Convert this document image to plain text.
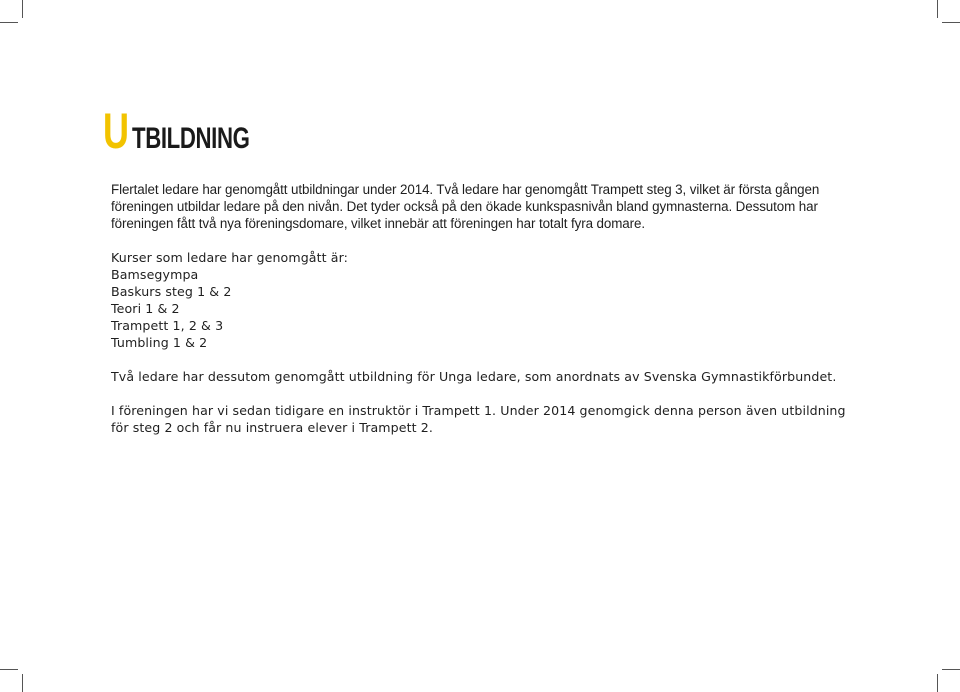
U TBILDNING

Flertalet ledare har genomgått utbildningar under 2014. Två ledare har genomgått Trampett steg 3, vilket är första gången föreningen utbildar ledare på den nivån. Det tyder också på den ökade kunkspasnivån bland gymnasterna. Dessutom har föreningen fått två nya föreningsdomare, vilket innebär att föreningen har totalt fyra domare.

Kurser som ledare har genomgått är:

Bamsegympa
Baskurs steg 1 & 2
Teori 1 & 2
Trampett 1, 2 & 3
Tumbling 1 & 2

Två ledare har dessutom genomgått utbildning för Unga ledare, som anordnats av Svenska Gymnastikförbundet.

I föreningen har vi sedan tidigare en instruktör i Trampett 1. Under 2014 genomgick denna person även utbildning för steg 2 och får nu instruera elever i Trampett 2.
